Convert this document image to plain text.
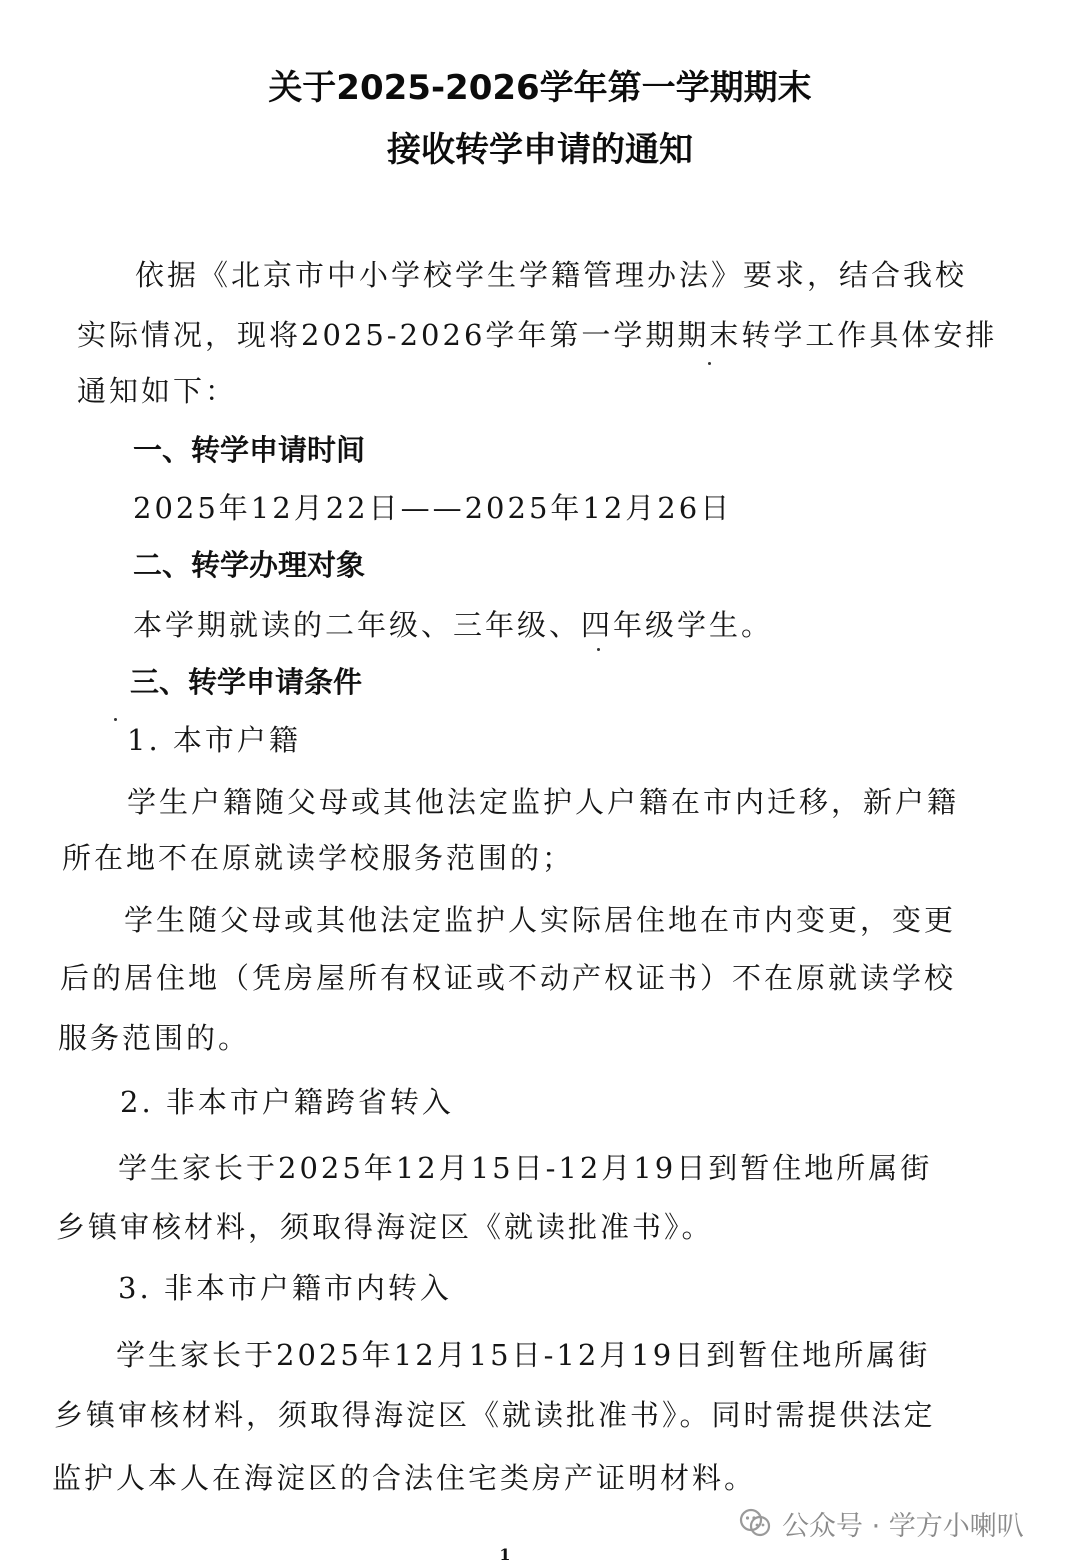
关于2025-2026学年第一学期期末
接收转学申请的通知
依据《北京市中小学校学生学籍管理办法》要求，结合我校
实际情况，现将2025-2026学年第一学期期末转学工作具体安排
通知如下：
一、转学申请时间
2025年12月22日——2025年12月26日
二、转学办理对象
本学期就读的二年级、三年级、四年级学生。
三、转学申请条件
1. 本市户籍
学生户籍随父母或其他法定监护人户籍在市内迁移，新户籍
所在地不在原就读学校服务范围的；
学生随父母或其他法定监护人实际居住地在市内变更，变更
后的居住地（凭房屋所有权证或不动产权证书）不在原就读学校
服务范围的。
2. 非本市户籍跨省转入
学生家长于2025年12月15日-12月19日到暂住地所属街
乡镇审核材料，须取得海淀区《就读批准书》。
3. 非本市户籍市内转入
学生家长于2025年12月15日-12月19日到暂住地所属街
乡镇审核材料，须取得海淀区《就读批准书》。同时需提供法定
监护人本人在海淀区的合法住宅类房产证明材料。
公众号 · 学方小喇叭
1
